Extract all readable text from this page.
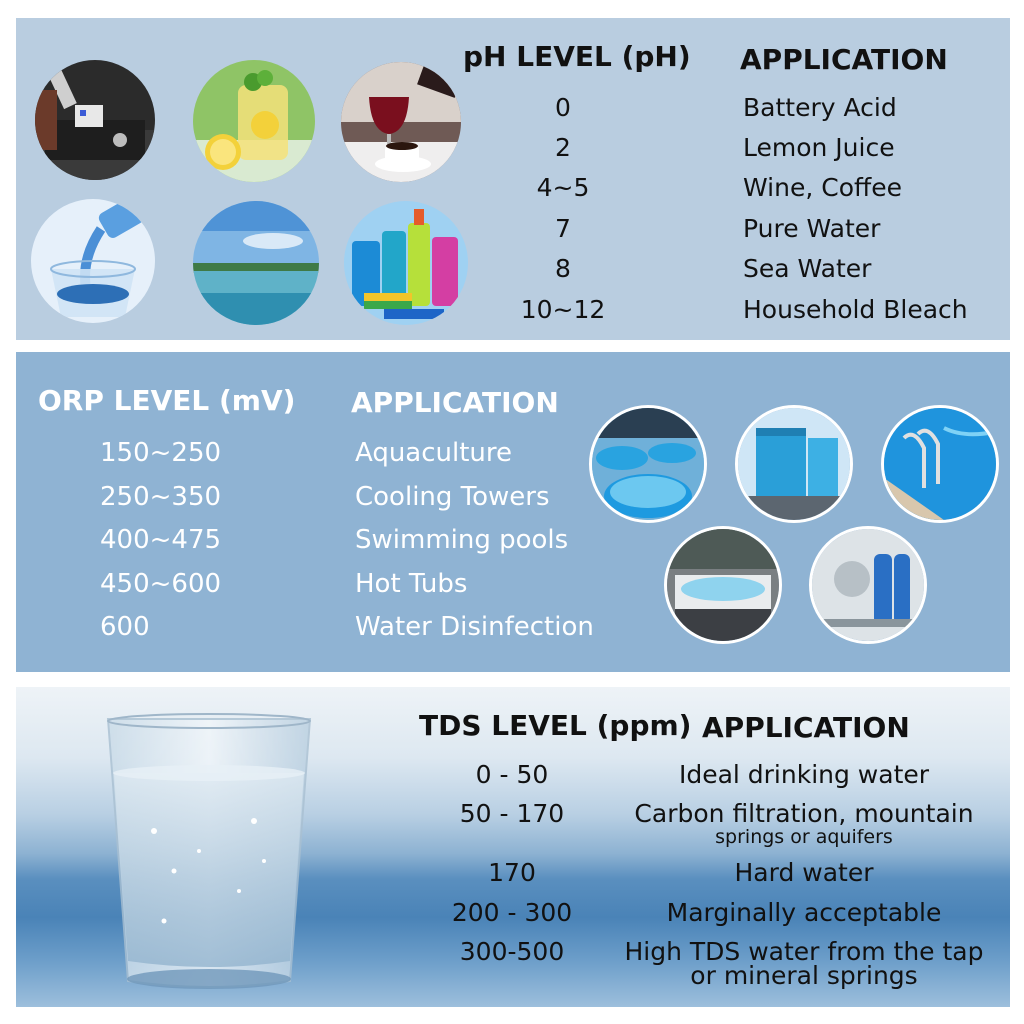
pH LEVEL (pH) APPLICATION
0
2
4~5
7
8
10~12
Battery Acid
Lemon Juice
Wine, Coffee
Pure Water
Sea Water
Household Bleach
ORP LEVEL (mV) APPLICATION
150~250
250~350
400~475
450~600
600
Aquaculture
Cooling Towers
Swimming pools
Hot Tubs
Water Disinfection
TDS LEVEL (ppm) APPLICATION
0 - 50
50 - 170
170
200 - 300
300-500
Ideal drinking water
Carbon filtration, mountain
springs or aquifers
Hard water
Marginally acceptable
High TDS water from the tap
or mineral springs
